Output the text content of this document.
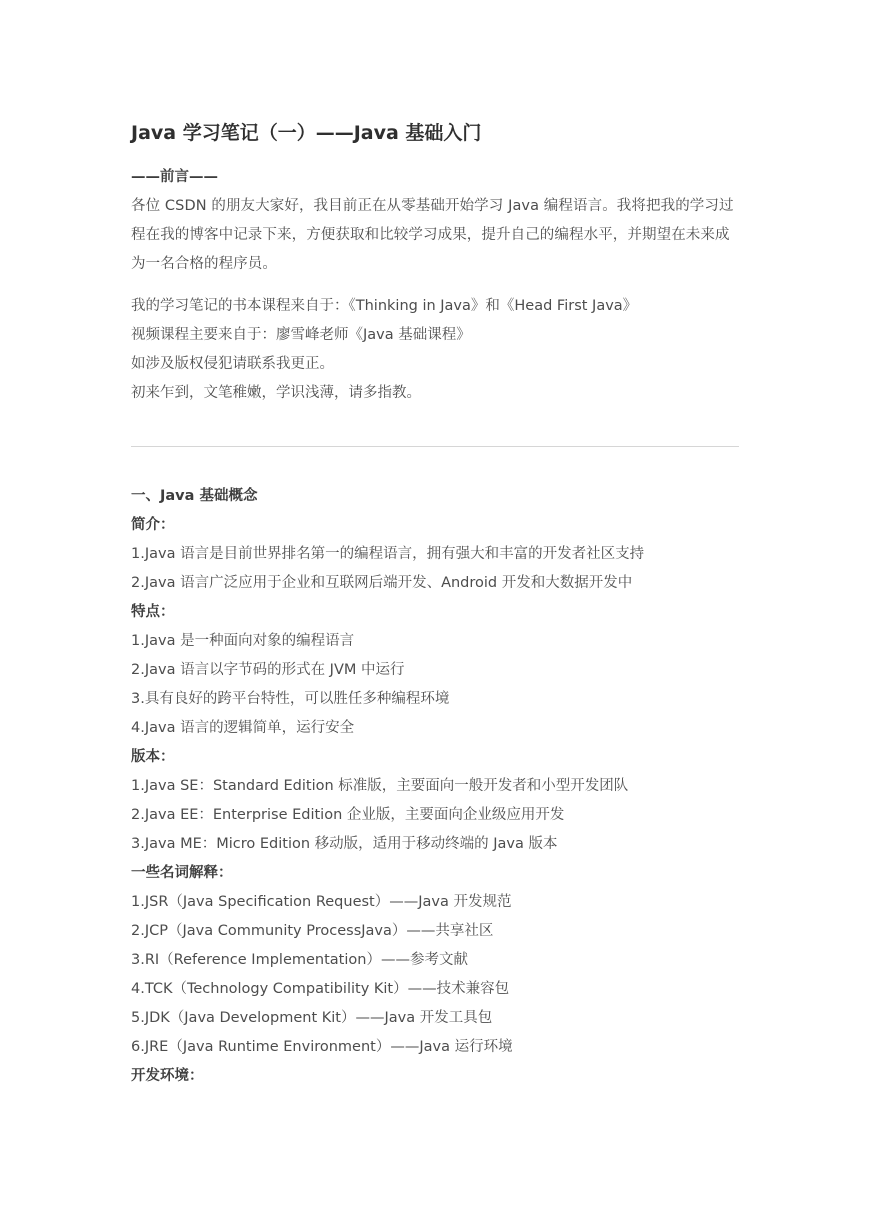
Java 学习笔记（一）——Java 基础入门
——前言——
各位 CSDN 的朋友大家好，我目前正在从零基础开始学习 Java 编程语言。我将把我的学习过程在我的博客中记录下来，方便获取和比较学习成果，提升自己的编程水平，并期望在未来成为一名合格的程序员。
我的学习笔记的书本课程来自于：《Thinking in Java》和《Head First Java》
视频课程主要来自于：廖雪峰老师《Java 基础课程》
如涉及版权侵犯请联系我更正。
初来乍到，文笔稚嫩，学识浅薄，请多指教。
一、Java 基础概念
简介：
1.Java 语言是目前世界排名第一的编程语言，拥有强大和丰富的开发者社区支持
2.Java 语言广泛应用于企业和互联网后端开发、Android 开发和大数据开发中
特点：
1.Java 是一种面向对象的编程语言
2.Java 语言以字节码的形式在 JVM 中运行
3.具有良好的跨平台特性，可以胜任多种编程环境
4.Java 语言的逻辑简单，运行安全
版本：
1.Java SE：Standard Edition 标准版，主要面向一般开发者和小型开发团队
2.Java EE：Enterprise Edition 企业版，主要面向企业级应用开发
3.Java ME：Micro Edition 移动版，适用于移动终端的 Java 版本
一些名词解释：
1.JSR（Java Specification Request）——Java 开发规范
2.JCP（Java Community ProcessJava）——共享社区
3.RI（Reference Implementation）——参考文献
4.TCK（Technology Compatibility Kit）——技术兼容包
5.JDK（Java Development Kit）——Java 开发工具包
6.JRE（Java Runtime Environment）——Java 运行环境
开发环境：
